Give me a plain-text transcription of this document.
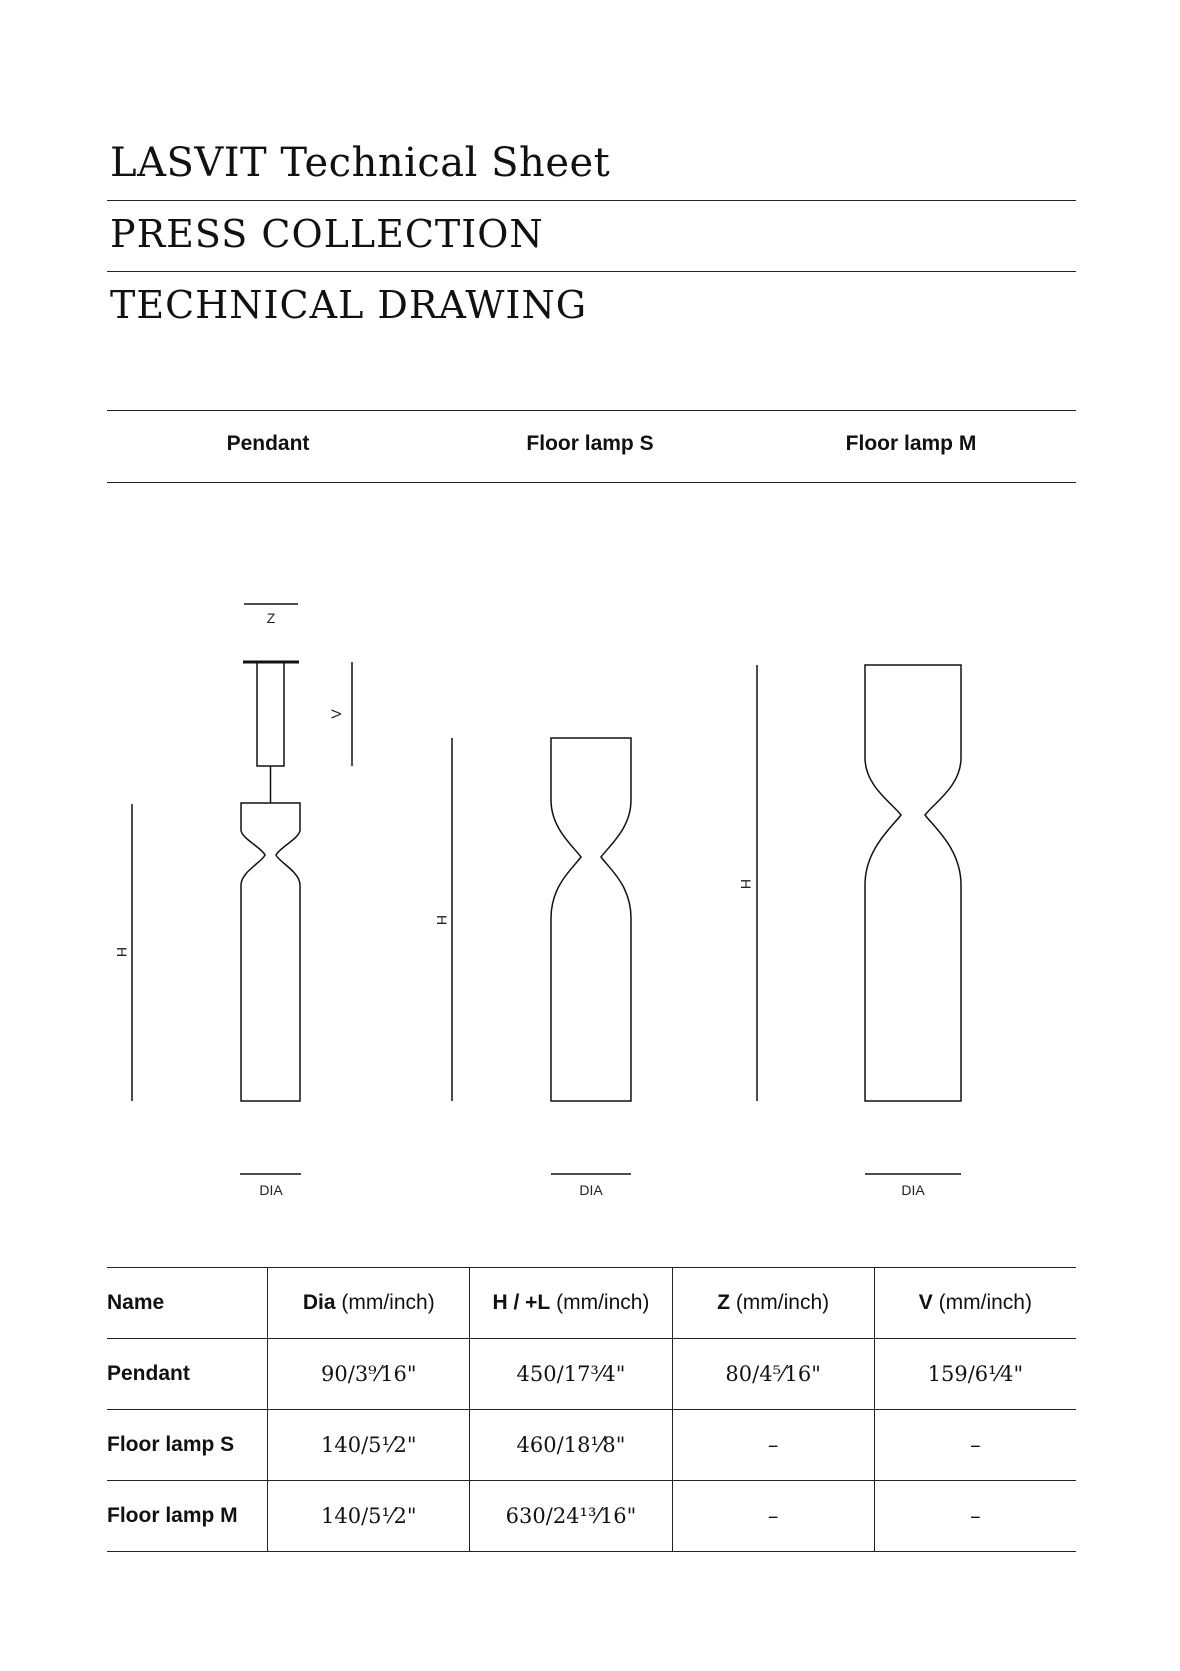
LASVIT Technical Sheet
PRESS COLLECTION
TECHNICAL DRAWING
Pendant	Floor lamp S	Floor lamp M
Z
V
H
H
H
DIA	DIA	DIA
Name	Dia (mm/inch)	H / +L (mm/inch)	Z (mm/inch)	V (mm/inch)
Pendant	90/3⁹⁄16"	450/17³⁄4"	80/4⁵⁄16"	159/6¹⁄4"
Floor lamp S	140/5¹⁄2"	460/18¹⁄8"	–	–
Floor lamp M	140/5¹⁄2"	630/24¹³⁄16"	–	–
